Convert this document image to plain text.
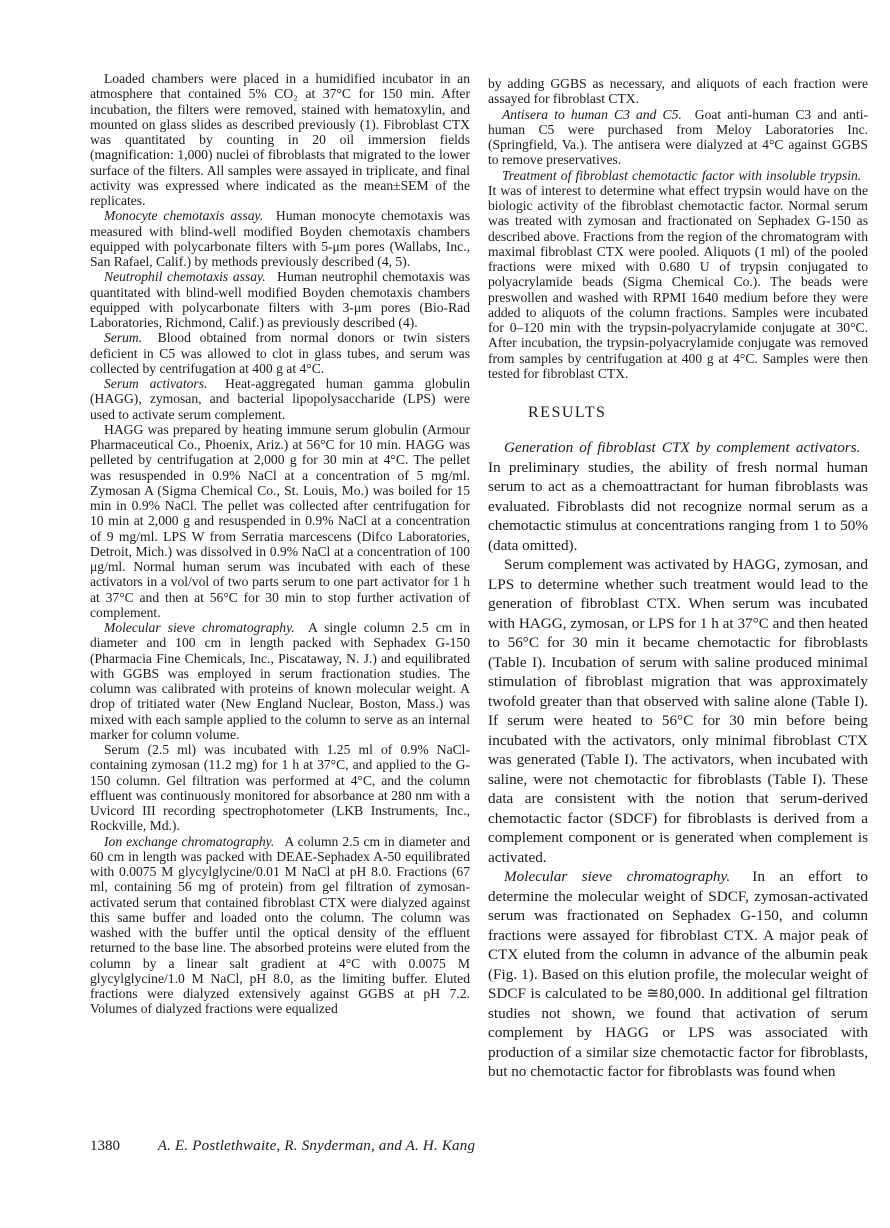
Loaded chambers were placed in a humidified incubator in an atmosphere that contained 5% CO₂ at 37°C for 150 min. After incubation, the filters were removed, stained with hematoxylin, and mounted on glass slides as described previously (1). Fibroblast CTX was quantitated by counting in 20 oil immersion fields (magnification: 1,000) nuclei of fibroblasts that migrated to the lower surface of the filters. All samples were assayed in triplicate, and final activity was expressed where indicated as the mean±SEM of the replicates.

Monocyte chemotaxis assay.  Human monocyte chemotaxis was measured with blind-well modified Boyden chemotaxis chambers equipped with polycarbonate filters with 5-μm pores (Wallabs, Inc., San Rafael, Calif.) by methods previously described (4, 5).

Neutrophil chemotaxis assay.  Human neutrophil chemotaxis was quantitated with blind-well modified Boyden chemotaxis chambers equipped with polycarbonate filters with 3-μm pores (Bio-Rad Laboratories, Richmond, Calif.) as previously described (4).

Serum.  Blood obtained from normal donors or twin sisters deficient in C5 was allowed to clot in glass tubes, and serum was collected by centrifugation at 400 g at 4°C.

Serum activators.  Heat-aggregated human gamma globulin (HAGG), zymosan, and bacterial lipopolysaccharide (LPS) were used to activate serum complement.

HAGG was prepared by heating immune serum globulin (Armour Pharmaceutical Co., Phoenix, Ariz.) at 56°C for 10 min. HAGG was pelleted by centrifugation at 2,000 g for 30 min at 4°C. The pellet was resuspended in 0.9% NaCl at a concentration of 5 mg/ml. Zymosan A (Sigma Chemical Co., St. Louis, Mo.) was boiled for 15 min in 0.9% NaCl. The pellet was collected after centrifugation for 10 min at 2,000 g and resuspended in 0.9% NaCl at a concentration of 9 mg/ml. LPS W from Serratia marcescens (Difco Laboratories, Detroit, Mich.) was dissolved in 0.9% NaCl at a concentration of 100 μg/ml. Normal human serum was incubated with each of these activators in a vol/vol of two parts serum to one part activator for 1 h at 37°C and then at 56°C for 30 min to stop further activation of complement.

Molecular sieve chromatography.  A single column 2.5 cm in diameter and 100 cm in length packed with Sephadex G-150 (Pharmacia Fine Chemicals, Inc., Piscataway, N. J.) and equilibrated with GGBS was employed in serum fractionation studies. The column was calibrated with proteins of known molecular weight. A drop of tritiated water (New England Nuclear, Boston, Mass.) was mixed with each sample applied to the column to serve as an internal marker for column volume.

Serum (2.5 ml) was incubated with 1.25 ml of 0.9% NaCl-containing zymosan (11.2 mg) for 1 h at 37°C, and applied to the G-150 column. Gel filtration was performed at 4°C, and the column effluent was continuously monitored for absorbance at 280 nm with a Uvicord III recording spectrophotometer (LKB Instruments, Inc., Rockville, Md.).

Ion exchange chromatography.  A column 2.5 cm in diameter and 60 cm in length was packed with DEAE-Sephadex A-50 equilibrated with 0.0075 M glycylglycine/0.01 M NaCl at pH 8.0. Fractions (67 ml, containing 56 mg of protein) from gel filtration of zymosan-activated serum that contained fibroblast CTX were dialyzed against this same buffer and loaded onto the column. The column was washed with the buffer until the optical density of the effluent returned to the base line. The absorbed proteins were eluted from the column by a linear salt gradient at 4°C with 0.0075 M glycylglycine/1.0 M NaCl, pH 8.0, as the limiting buffer. Eluted fractions were dialyzed extensively against GGBS at pH 7.2. Volumes of dialyzed fractions were equalized

by adding GGBS as necessary, and aliquots of each fraction were assayed for fibroblast CTX.

Antisera to human C3 and C5.  Goat anti-human C3 and anti-human C5 were purchased from Meloy Laboratories Inc. (Springfield, Va.). The antisera were dialyzed at 4°C against GGBS to remove preservatives.

Treatment of fibroblast chemotactic factor with insoluble trypsin.  It was of interest to determine what effect trypsin would have on the biologic activity of the fibroblast chemotactic factor. Normal serum was treated with zymosan and fractionated on Sephadex G-150 as described above. Fractions from the region of the chromatogram with maximal fibroblast CTX were pooled. Aliquots (1 ml) of the pooled fractions were mixed with 0.680 U of trypsin conjugated to polyacrylamide beads (Sigma Chemical Co.). The beads were preswollen and washed with RPMI 1640 medium before they were added to aliquots of the column fractions. Samples were incubated for 0–120 min with the trypsin-polyacrylamide conjugate at 30°C. After incubation, the trypsin-polyacrylamide conjugate was removed from samples by centrifugation at 400 g at 4°C. Samples were then tested for fibroblast CTX.

RESULTS

Generation of fibroblast CTX by complement activators.  In preliminary studies, the ability of fresh normal human serum to act as a chemoattractant for human fibroblasts was evaluated. Fibroblasts did not recognize normal serum as a chemotactic stimulus at concentrations ranging from 1 to 50% (data omitted).

Serum complement was activated by HAGG, zymosan, and LPS to determine whether such treatment would lead to the generation of fibroblast CTX. When serum was incubated with HAGG, zymosan, or LPS for 1 h at 37°C and then heated to 56°C for 30 min it became chemotactic for fibroblasts (Table I). Incubation of serum with saline produced minimal stimulation of fibroblast migration that was approximately twofold greater than that observed with saline alone (Table I). If serum were heated to 56°C for 30 min before being incubated with the activators, only minimal fibroblast CTX was generated (Table I). The activators, when incubated with saline, were not chemotactic for fibroblasts (Table I). These data are consistent with the notion that serum-derived chemotactic factor (SDCF) for fibroblasts is derived from a complement component or is generated when complement is activated.

Molecular sieve chromatography.  In an effort to determine the molecular weight of SDCF, zymosan-activated serum was fractionated on Sephadex G-150, and column fractions were assayed for fibroblast CTX. A major peak of CTX eluted from the column in advance of the albumin peak (Fig. 1). Based on this elution profile, the molecular weight of SDCF is calculated to be ≅80,000. In additional gel filtration studies not shown, we found that activation of serum complement by HAGG or LPS was associated with production of a similar size chemotactic factor for fibroblasts, but no chemotactic factor for fibroblasts was found when

1380	A. E. Postlethwaite, R. Snyderman, and A. H. Kang
